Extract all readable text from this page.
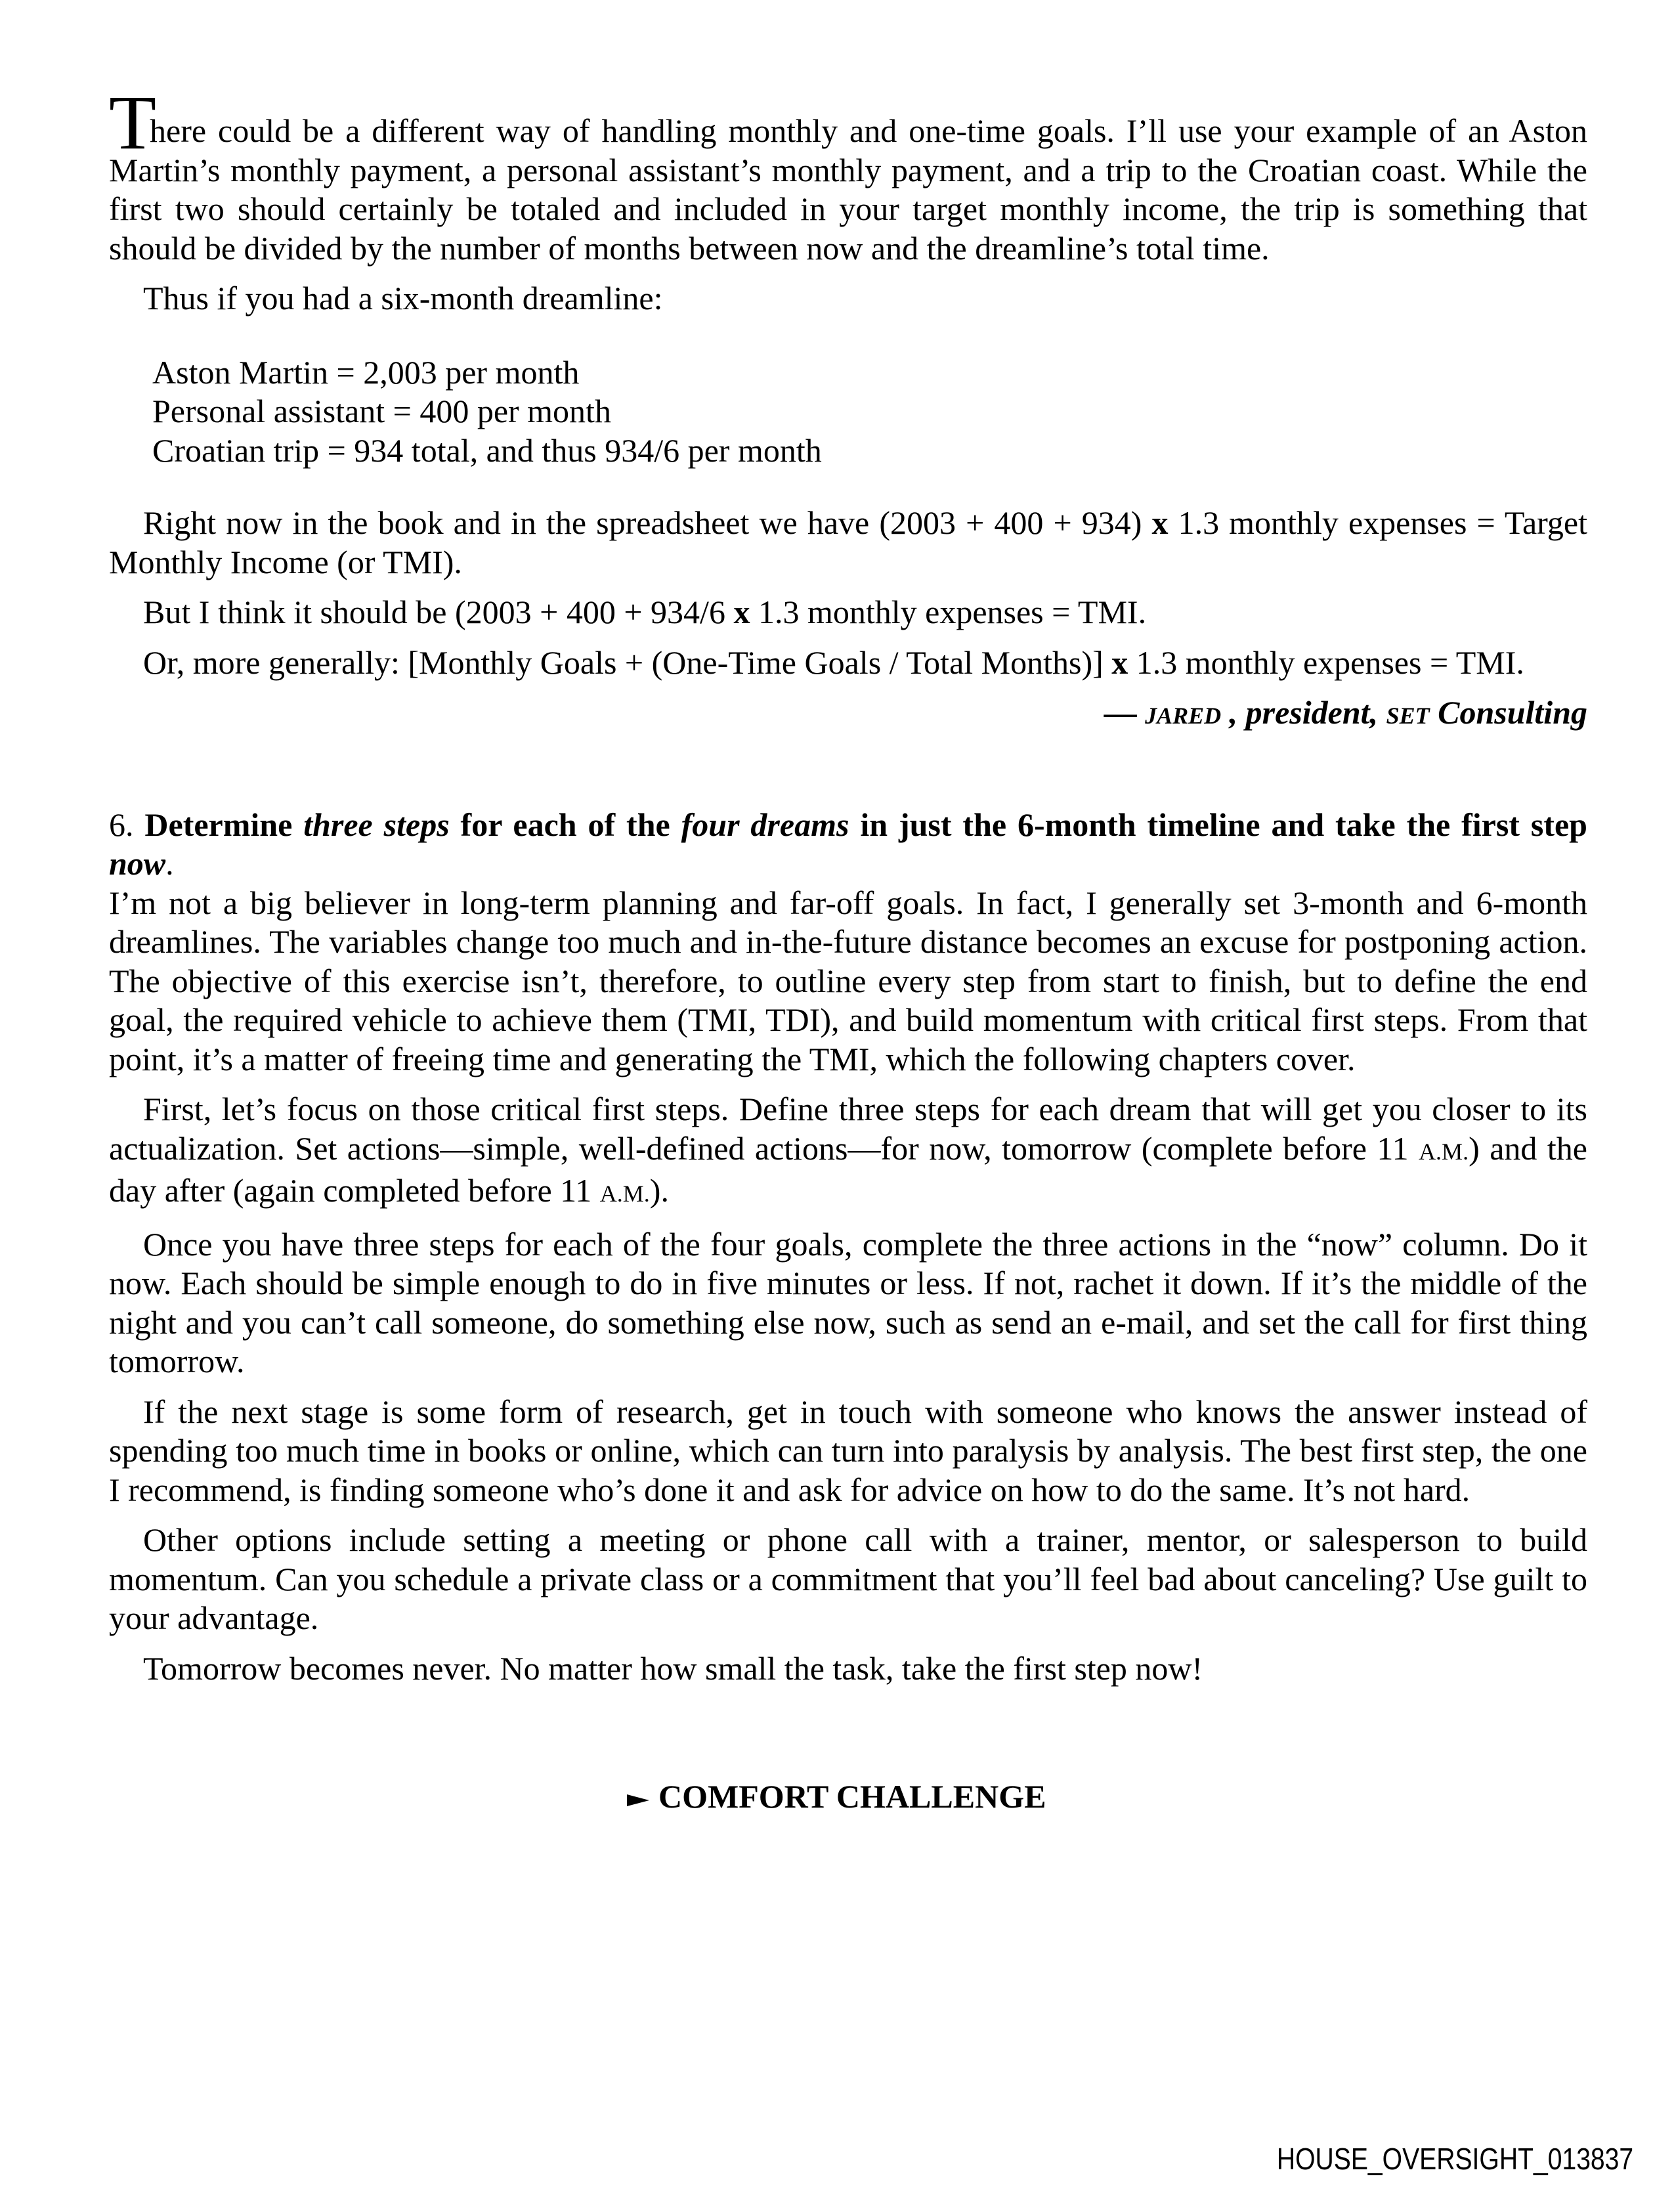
T
here could be a different way of handling monthly and one-time goals. I’ll use your example of an Aston Martin’s monthly payment, a personal assistant’s monthly payment, and a trip to the Croatian coast. While the first two should certainly be totaled and included in your target monthly income, the trip is something that should be divided by the number of months between now and the dreamline’s total time.
Thus if you had a six-month dreamline:
Aston Martin = 2,003 per month
Personal assistant = 400 per month
Croatian trip = 934 total, and thus 934/6 per month
Right now in the book and in the spreadsheet we have (2003 + 400 + 934) x 1.3 monthly expenses = Target Monthly Income (or TMI).
But I think it should be (2003 + 400 + 934/6 x 1.3 monthly expenses = TMI.
Or, more generally: [Monthly Goals + (One-Time Goals / Total Months)] x 1.3 monthly expenses = TMI.
— JARED , president, SET Consulting
6. Determine three steps for each of the four dreams in just the 6-month timeline and take the first step now.
I’m not a big believer in long-term planning and far-off goals. In fact, I generally set 3-month and 6-month dreamlines. The variables change too much and in-the-future distance becomes an excuse for postponing action. The objective of this exercise isn’t, therefore, to outline every step from start to finish, but to define the end goal, the required vehicle to achieve them (TMI, TDI), and build momentum with critical first steps. From that point, it’s a matter of freeing time and generating the TMI, which the following chapters cover.
First, let’s focus on those critical first steps. Define three steps for each dream that will get you closer to its actualization. Set actions—simple, well-defined actions—for now, tomorrow (complete before 11 A.M.) and the day after (again completed before 11 A.M.).
Once you have three steps for each of the four goals, complete the three actions in the “now” column. Do it now. Each should be simple enough to do in five minutes or less. If not, rachet it down. If it’s the middle of the night and you can’t call someone, do something else now, such as send an e-mail, and set the call for first thing tomorrow.
If the next stage is some form of research, get in touch with someone who knows the answer instead of spending too much time in books or online, which can turn into paralysis by analysis. The best first step, the one I recommend, is finding someone who’s done it and ask for advice on how to do the same. It’s not hard.
Other options include setting a meeting or phone call with a trainer, mentor, or salesperson to build momentum. Can you schedule a private class or a commitment that you’ll feel bad about canceling? Use guilt to your advantage.
Tomorrow becomes never. No matter how small the task, take the first step now!
COMFORT CHALLENGE
HOUSE_OVERSIGHT_013837
